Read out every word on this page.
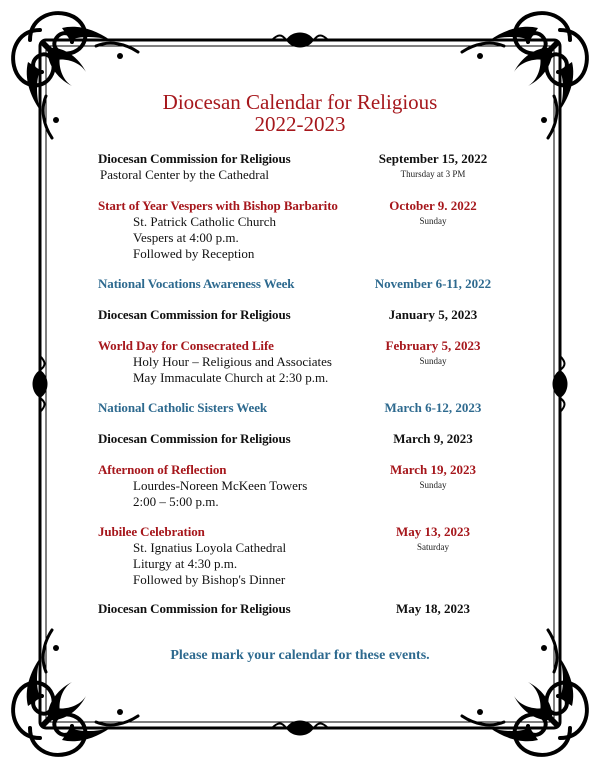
Diocesan Calendar for Religious
2022-2023
Diocesan Commission for Religious	September 15, 2022
Pastoral Center by the Cathedral	Thursday at 3 PM
Start of Year Vespers with Bishop Barbarito	October 9. 2022
Sunday
St. Patrick Catholic Church
Vespers at 4:00 p.m.
Followed by Reception
National Vocations Awareness Week	November 6-11, 2022
Diocesan Commission for Religious	January 5, 2023
World Day for Consecrated Life	February 5, 2023
Sunday
Holy Hour – Religious and Associates
May Immaculate Church at 2:30 p.m.
National Catholic Sisters Week	March 6-12, 2023
Diocesan Commission for Religious	March 9, 2023
Afternoon of Reflection	March 19, 2023
Sunday
Lourdes-Noreen McKeen Towers
2:00 – 5:00 p.m.
Jubilee Celebration	May 13, 2023
Saturday
St. Ignatius Loyola Cathedral
Liturgy at 4:30 p.m.
Followed by Bishop's Dinner
Diocesan Commission for Religious	May 18, 2023
Please mark your calendar for these events.
